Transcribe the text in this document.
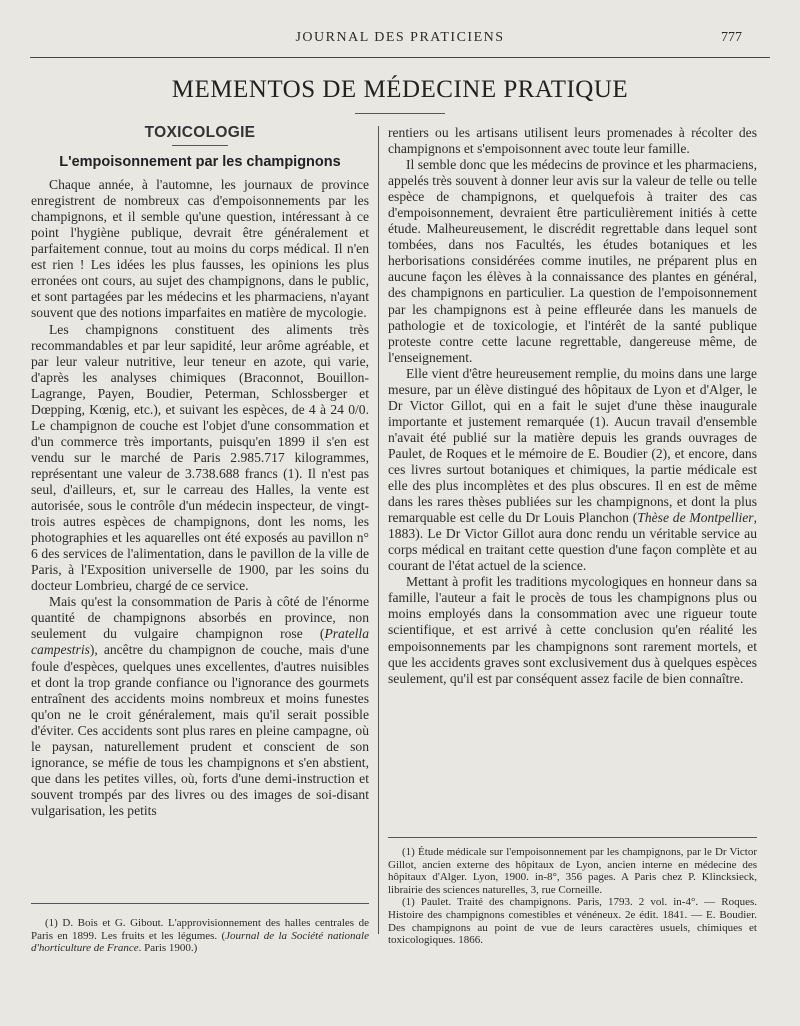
JOURNAL DES PRATICIENS	777
MEMENTOS DE MÉDECINE PRATIQUE
TOXICOLOGIE
L'empoisonnement par les champignons

Chaque année, à l'automne, les journaux de province enregistrent de nombreux cas d'empoisonnements par les champignons, et il semble qu'une question, intéressant à ce point l'hygiène publique, devrait être généralement et parfaitement connue, tout au moins du corps médical. Il n'en est rien ! Les idées les plus fausses, les opinions les plus erronées ont cours, au sujet des champignons, dans le public, et sont partagées par les médecins et les pharmaciens, n'ayant souvent que des notions imparfaites en matière de mycologie.

Les champignons constituent des aliments très recommandables et par leur sapidité, leur arôme agréable, et par leur valeur nutritive, leur teneur en azote, qui varie, d'après les analyses chimiques (Braconnot, Bouillon-Lagrange, Payen, Boudier, Peterman, Schlossberger et Dœpping, Kœnig, etc.), et suivant les espèces, de 4 à 24 0/0. Le champignon de couche est l'objet d'une consommation et d'un commerce très importants, puisqu'en 1899 il s'en est vendu sur le marché de Paris 2.985.717 kilogrammes, représentant une valeur de 3.738.688 francs (1). Il n'est pas seul, d'ailleurs, et, sur le carreau des Halles, la vente est autorisée, sous le contrôle d'un médecin inspecteur, de vingt-trois autres espèces de champignons, dont les noms, les photographies et les aquarelles ont été exposés au pavillon n° 6 des services de l'alimentation, dans le pavillon de la ville de Paris, à l'Exposition universelle de 1900, par les soins du docteur Lombrieu, chargé de ce service.

Mais qu'est la consommation de Paris à côté de l'énorme quantité de champignons absorbés en province, non seulement du vulgaire champignon rose (Pratella campestris), ancêtre du champignon de couche, mais d'une foule d'espèces, quelques unes excellentes, d'autres nuisibles et dont la trop grande confiance ou l'ignorance des gourmets entraînent des accidents moins nombreux et moins funestes qu'on ne le croit généralement, mais qu'il serait possible d'éviter. Ces accidents sont plus rares en pleine campagne, où le paysan, naturellement prudent et conscient de son ignorance, se méfie de tous les champignons et s'en abstient, que dans les petites villes, où, forts d'une demi-instruction et souvent trompés par des livres ou des images de soi-disant vulgarisation, les petits

rentiers ou les artisans utilisent leurs promenades à récolter des champignons et s'empoisonnent avec toute leur famille.

Il semble donc que les médecins de province et les pharmaciens, appelés très souvent à donner leur avis sur la valeur de telle ou telle espèce de champignons, et quelquefois à traiter des cas d'empoisonnement, devraient être particulièrement initiés à cette étude. Malheureusement, le discrédit regrettable dans lequel sont tombées, dans nos Facultés, les études botaniques et les herborisations considérées comme inutiles, ne préparent plus en aucune façon les élèves à la connaissance des plantes en général, des champignons en particulier. La question de l'empoisonnement par les champignons est à peine effleurée dans les manuels de pathologie et de toxicologie, et l'intérêt de la santé publique proteste contre cette lacune regrettable, dangereuse même, de l'enseignement.

Elle vient d'être heureusement remplie, du moins dans une large mesure, par un élève distingué des hôpitaux de Lyon et d'Alger, le Dr Victor Gillot, qui en a fait le sujet d'une thèse inaugurale importante et justement remarquée (1). Aucun travail d'ensemble n'avait été publié sur la matière depuis les grands ouvrages de Paulet, de Roques et le mémoire de E. Boudier (2), et encore, dans ces livres surtout botaniques et chimiques, la partie médicale est elle des plus incomplètes et des plus obscures. Il en est de même dans les rares thèses publiées sur les champignons, et dont la plus remarquable est celle du Dr Louis Planchon (Thèse de Montpellier, 1883). Le Dr Victor Gillot aura donc rendu un véritable service au corps médical en traitant cette question d'une façon complète et au courant de l'état actuel de la science.

Mettant à profit les traditions mycologiques en honneur dans sa famille, l'auteur a fait le procès de tous les champignons plus ou moins employés dans la consommation avec une rigueur toute scientifique, et est arrivé à cette conclusion qu'en réalité les empoisonnements par les champignons sont rarement mortels, et que les accidents graves sont exclusivement dus à quelques espèces seulement, qu'il est par conséquent assez facile de bien connaître.

(1) D. Bois et G. Gibout. L'approvisionnement des halles centrales de Paris en 1899. Les fruits et les légumes. (Journal de la Société nationale d'horticulture de France. Paris 1900.)

(1) Étude médicale sur l'empoisonnement par les champignons, par le Dr Victor Gillot, ancien externe des hôpitaux de Lyon, ancien interne en médecine des hôpitaux d'Alger. Lyon, 1900. in-8°, 356 pages. A Paris chez P. Klincksieck, librairie des sciences naturelles, 3, rue Corneille.

(1) Paulet. Traité des champignons. Paris, 1793. 2 vol. in-4°. — Roques. Histoire des champignons comestibles et vénéneux. 2e édit. 1841. — E. Boudier. Des champignons au point de vue de leurs caractères usuels, chimiques et toxicologiques. 1866.
